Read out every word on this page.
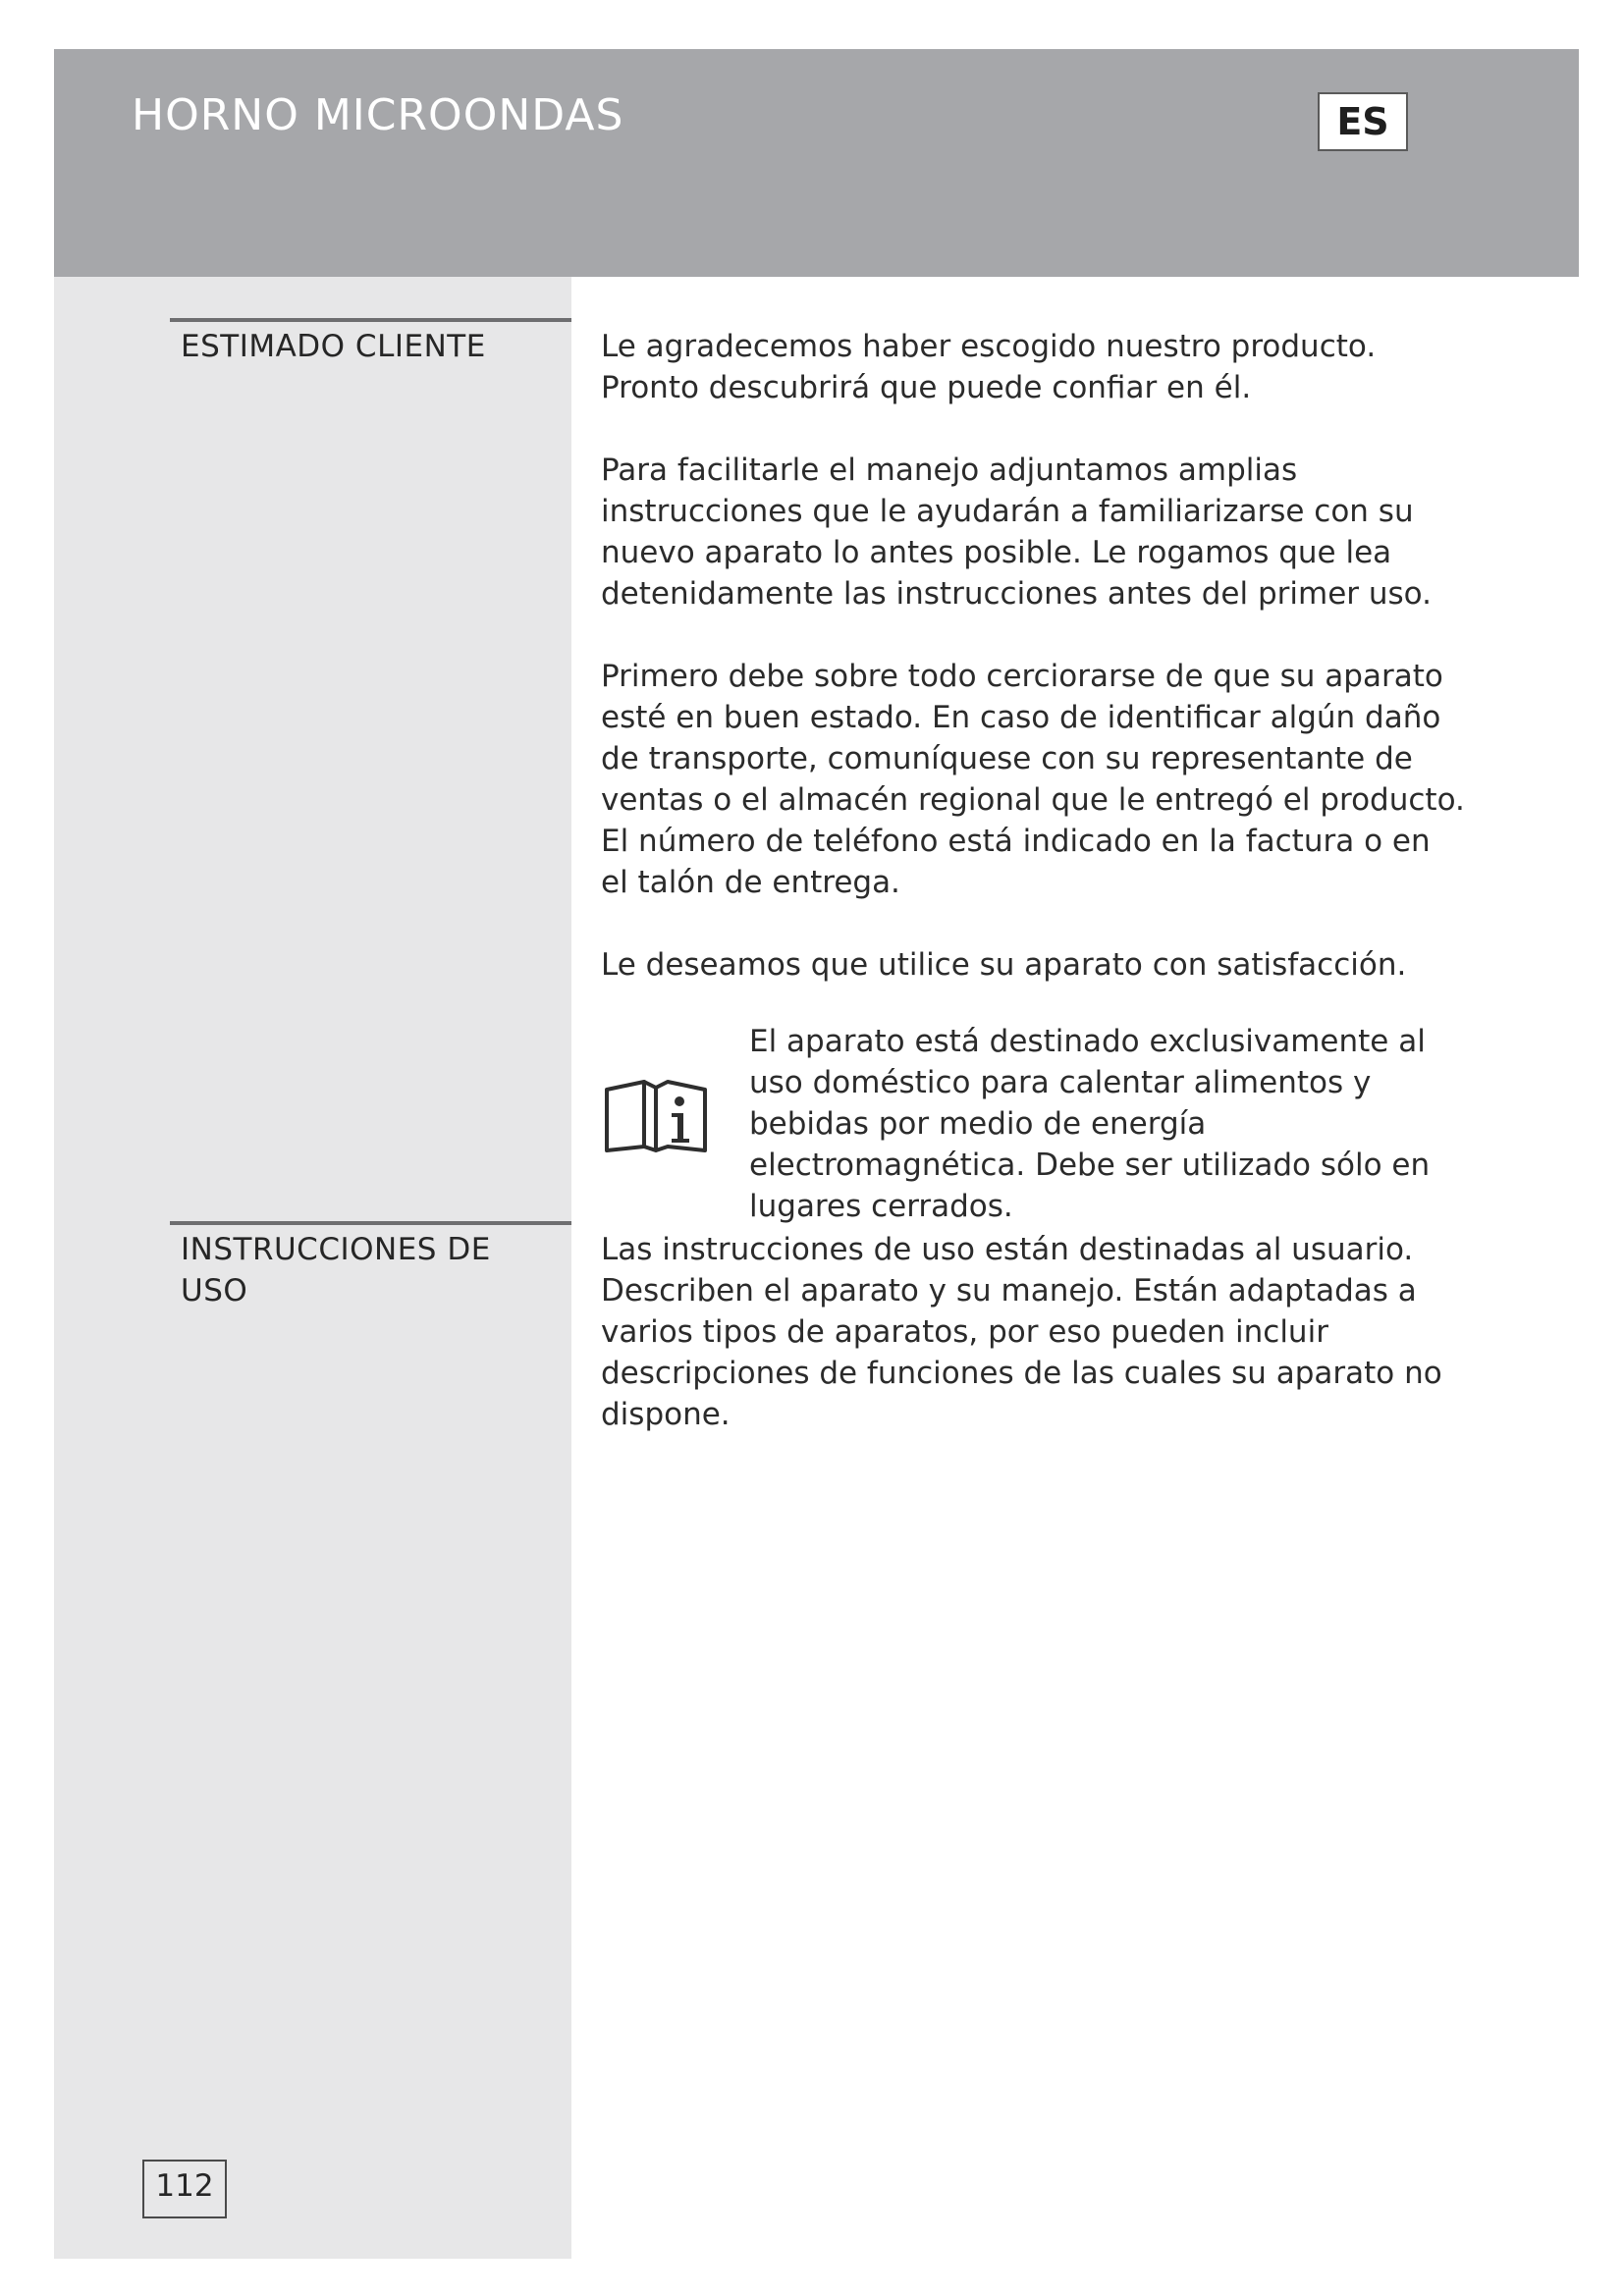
HORNO MICROONDAS	ES
ESTIMADO CLIENTE	Le agradecemos haber escogido nuestro producto. Pronto descubrirá que puede confiar en él.

Para facilitarle el manejo adjuntamos amplias instrucciones que le ayudarán a familiarizarse con su nuevo aparato lo antes posible. Le rogamos que lea detenidamente las instrucciones antes del primer uso.

Primero debe sobre todo cerciorarse de que su aparato esté en buen estado. En caso de identificar algún daño de transporte, comuníquese con su representante de ventas o el almacén regional que le entregó el producto. El número de teléfono está indicado en la factura o en el talón de entrega.

Le deseamos que utilice su aparato con satisfacción.

El aparato está destinado exclusivamente al uso doméstico para calentar alimentos y bebidas por medio de energía electromagnética. Debe ser utilizado sólo en lugares cerrados.

INSTRUCCIONES DE USO

Las instrucciones de uso están destinadas al usuario. Describen el aparato y su manejo. Están adaptadas a varios tipos de aparatos, por eso pueden incluir descripciones de funciones de las cuales su aparato no dispone.

112
